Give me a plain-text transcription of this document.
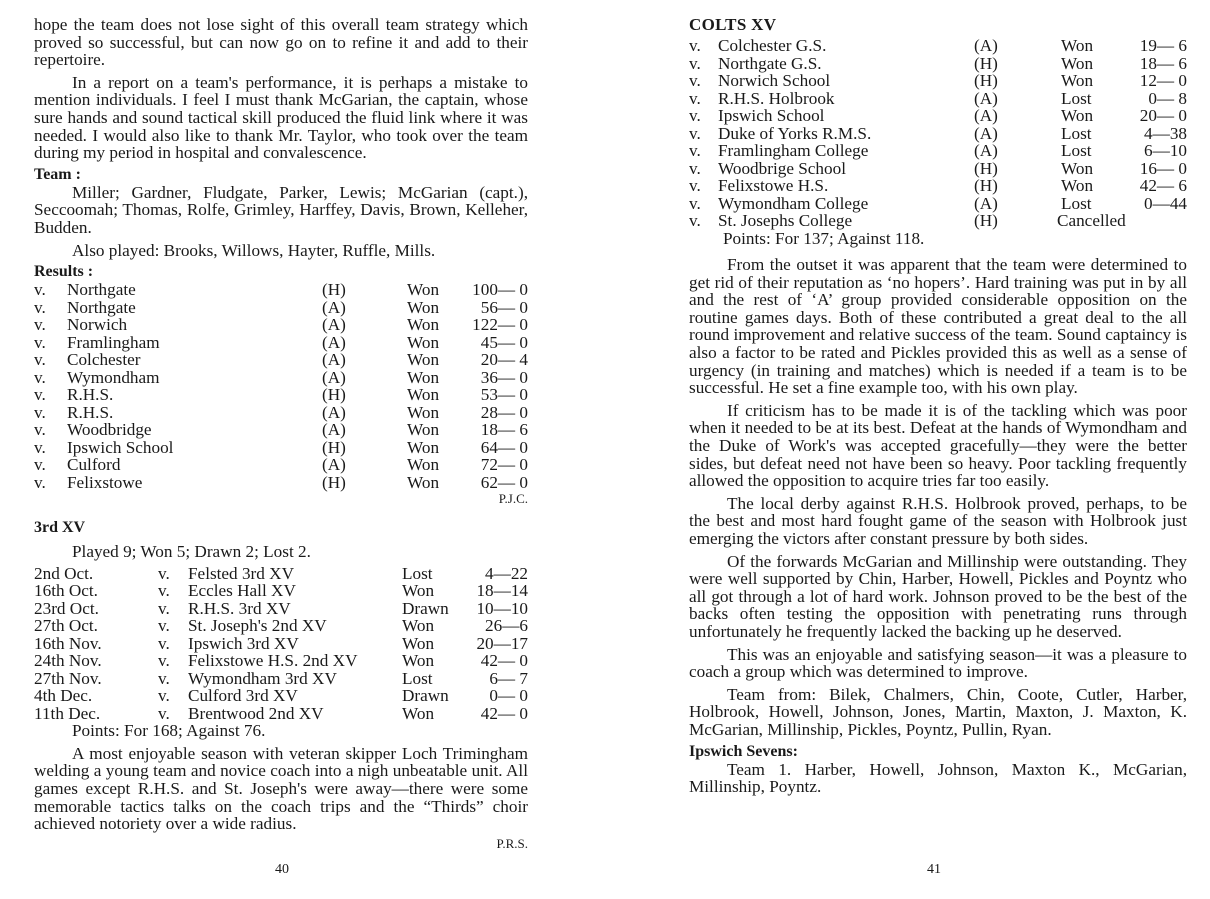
hope the team does not lose sight of this overall team strategy which proved so successful, but can now go on to refine it and add to their repertoire.

In a report on a team's performance, it is perhaps a mistake to mention individuals. I feel I must thank McGarian, the captain, whose sure hands and sound tactical skill produced the fluid link where it was needed. I would also like to thank Mr. Taylor, who took over the team during my period in hospital and convalescence.

Team :

Miller; Gardner, Fludgate, Parker, Lewis; McGarian (capt.), Seccoomah; Thomas, Rolfe, Grimley, Harffey, Davis, Brown, Kelleher, Budden.

Also played: Brooks, Willows, Hayter, Ruffle, Mills.

Results :
v. Northgate	(H)	Won 100— 0
v. Northgate	(A)	Won 56— 0
v. Norwich	(A)	Won 122— 0
v. Framlingham	(A)	Won 45— 0
v. Colchester	(A)	Won 20— 4
v. Wymondham	(A)	Won 36— 0
v. R.H.S.	(H)	Won 53— 0
v. R.H.S.	(A)	Won 28— 0
v. Woodbridge	(A)	Won 18— 6
v. Ipswich School	(H)	Won 64— 0
v. Culford	(A)	Won 72— 0
v. Felixstowe	(H)	Won 62— 0
P.J.C.
3rd XV

Played 9; Won 5; Drawn 2; Lost 2.

2nd Oct.	v. Felsted 3rd XV	Lost	4—22
16th Oct.	v. Eccles Hall XV	Won 18—14
23rd Oct.	v. R.H.S. 3rd XV	Drawn 10—10
27th Oct.	v. St. Joseph's 2nd XV	Won	26—6
16th Nov.	v. Ipswich 3rd XV	Won 20—17
24th Nov.	v. Felixstowe H.S. 2nd XV	Won	42— 0
27th Nov.	v. Wymondham 3rd XV	Lost	6— 7
4th Dec.	v. Culford 3rd XV	Drawn 0— 0
11th Dec.	v. Brentwood 2nd XV	Won	42— 0

Points: For 168; Against 76.

A most enjoyable season with veteran skipper Loch Trimingham welding a young team and novice coach into a nigh unbeatable unit. All games except R.H.S. and St. Joseph's were away—there were some memorable tactics talks on the coach trips and the “Thirds” choir achieved notoriety over a wide radius.

P.R.S.
40
COLTS XV
v. Colchester G.S.	(A)	Won	19— 6
v. Northgate G.S.	(H)	Won	18— 6
v. Norwich School	(H)	Won	12— 0
v. R.H.S. Holbrook	(A)	Lost	0— 8
v. Ipswich School	(A)	Won	20— 0
v. Duke of Yorks R.M.S.	(A)	Lost	4—38
v. Framlingham College	(A)	Lost	6—10
v. Woodbrige School	(H)	Won	16— 0
v. Felixstowe H.S.	(H)	Won	42— 6
v. Wymondham College	(A)	Lost	0—44
v. St. Josephs College	(H)	Cancelled

Points: For 137; Against 118.

From the outset it was apparent that the team were determined to get rid of their reputation as ‘no hopers’. Hard training was put in by all and the rest of ‘A’ group provided considerable opposition on the routine games days. Both of these contributed a great deal to the all round improvement and relative success of the team. Sound captaincy is also a factor to be rated and Pickles provided this as well as a sense of urgency (in training and matches) which is needed if a team is to be successful. He set a fine example too, with his own play.

If criticism has to be made it is of the tackling which was poor when it needed to be at its best. Defeat at the hands of Wymondham and the Duke of Work's was accepted gracefully—they were the better sides, but defeat need not have been so heavy. Poor tackling frequently allowed the opposition to acquire tries far too easily.

The local derby against R.H.S. Holbrook proved, perhaps, to be the best and most hard fought game of the season with Holbrook just emerging the victors after constant pressure by both sides.

Of the forwards McGarian and Millinship were outstanding. They were well supported by Chin, Harber, Howell, Pickles and Poyntz who all got through a lot of hard work. Johnson proved to be the best of the backs often testing the opposition with penetrating runs through unfortunately he frequently lacked the backing up he deserved.

This was an enjoyable and satisfying season—it was a pleasure to coach a group which was determined to improve.

Team from: Bilek, Chalmers, Chin, Coote, Cutler, Harber, Holbrook, Howell, Johnson, Jones, Martin, Maxton, J. Maxton, K. McGarian, Millinship, Pickles, Poyntz, Pullin, Ryan.

Ipswich Sevens:

Team 1. Harber, Howell, Johnson, Maxton K., McGarian, Millinship, Poyntz.

41
